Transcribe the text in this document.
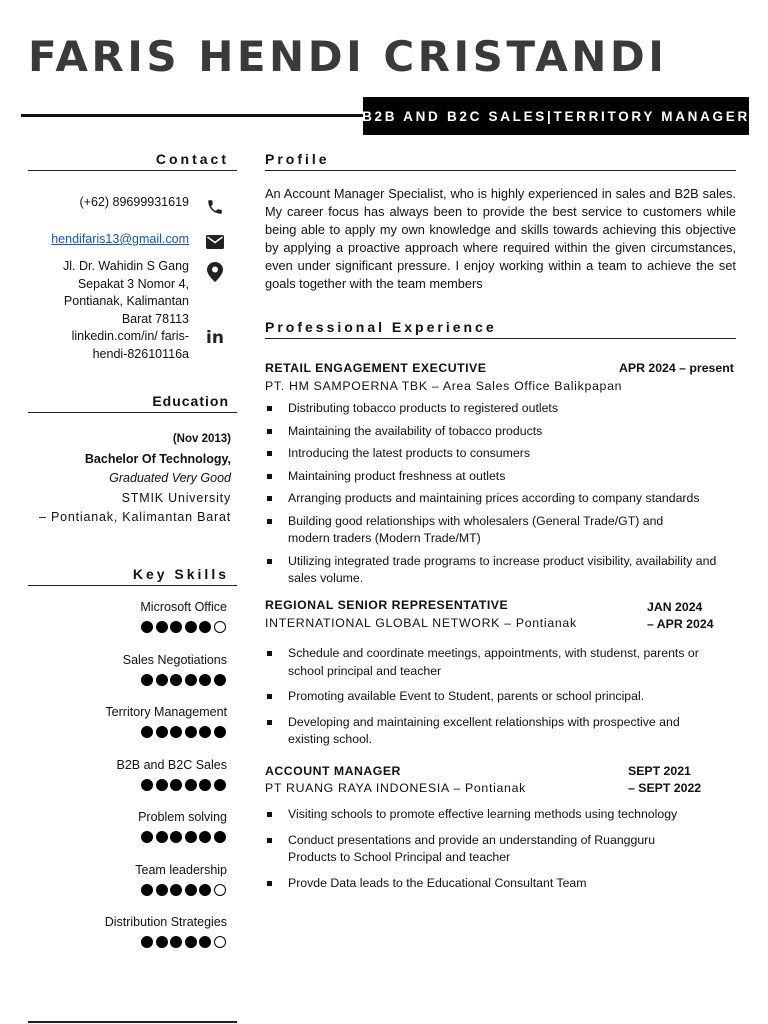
FARIS HENDI CRISTANDI
B2B AND B2C SALES|TERRITORY MANAGER
Contact
(+62) 89699931619
hendifaris13@gmail.com
Jl. Dr. Wahidin S Gang
Sepakat 3 Nomor 4,
Pontianak, Kalimantan
Barat 78113
linkedin.com/in/ faris-
hendi-82610116a
in
Education
(Nov 2013)
Bachelor Of Technology,
Graduated Very Good
STMIK University
– Pontianak, Kalimantan Barat
Key Skills
Microsoft Office
Sales Negotiations
Territory Management
B2B and B2C Sales
Problem solving
Team leadership
Distribution Strategies
Profile

An Account Manager Specialist, who is highly experienced in sales and B2B sales. My career focus has always been to provide the best service to customers while being able to apply my own knowledge and skills towards achieving this objective by applying a proactive approach where required within the given circumstances, even under significant pressure. I enjoy working within a team to achieve the set goals together with the team members

Professional Experience
RETAIL ENGAGEMENT EXECUTIVE	APR 2024 – present
PT. HM SAMPOERNA TBK – Area Sales Office Balikpapan
Distributing tobacco products to registered outlets
Maintaining the availability of tobacco products
Introducing the latest products to consumers
Maintaining product freshness at outlets
Arranging products and maintaining prices according to company standards
Building good relationships with wholesalers (General Trade/GT) and modern traders (Modern Trade/MT)
Utilizing integrated trade programs to increase product visibility, availability and sales volume.
REGIONAL SENIOR REPRESENTATIVE	JAN 2024
INTERNATIONAL GLOBAL NETWORK – Pontianak	– APR 2024
Schedule and coordinate meetings, appointments, with studenst, parents or school principal and teacher
Promoting available Event to Student, parents or school principal.
Developing and maintaining excellent relationships with prospective and existing school.
ACCOUNT MANAGER	SEPT 2021
PT RUANG RAYA INDONESIA – Pontianak	– SEPT 2022
Visiting schools to promote effective learning methods using technology
Conduct presentations and provide an understanding of Ruangguru Products to School Principal and teacher
Provde Data leads to the Educational Consultant Team
